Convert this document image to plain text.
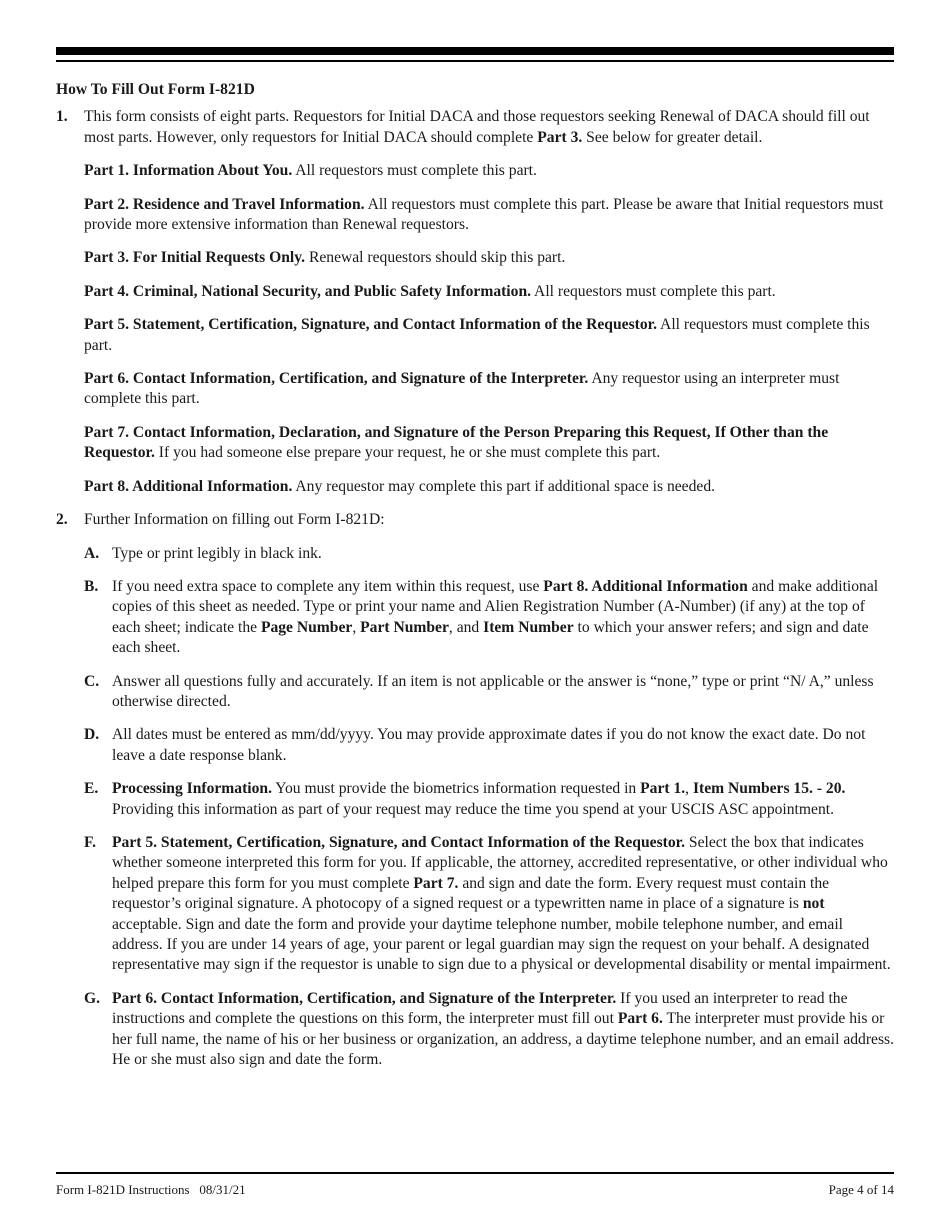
How To Fill Out Form I-821D
1.	This form consists of eight parts. Requestors for Initial DACA and those requestors seeking Renewal of DACA should fill out most parts. However, only requestors for Initial DACA should complete Part 3. See below for greater detail.
Part 1. Information About You. All requestors must complete this part.
Part 2. Residence and Travel Information. All requestors must complete this part. Please be aware that Initial requestors must provide more extensive information than Renewal requestors.
Part 3. For Initial Requests Only. Renewal requestors should skip this part.
Part 4. Criminal, National Security, and Public Safety Information. All requestors must complete this part.
Part 5. Statement, Certification, Signature, and Contact Information of the Requestor. All requestors must complete this part.
Part 6. Contact Information, Certification, and Signature of the Interpreter. Any requestor using an interpreter must complete this part.
Part 7. Contact Information, Declaration, and Signature of the Person Preparing this Request, If Other than the Requestor. If you had someone else prepare your request, he or she must complete this part.
Part 8. Additional Information. Any requestor may complete this part if additional space is needed.
2.	Further Information on filling out Form I-821D:
A. Type or print legibly in black ink.
B. If you need extra space to complete any item within this request, use Part 8. Additional Information and make additional copies of this sheet as needed. Type or print your name and Alien Registration Number (A-Number) (if any) at the top of each sheet; indicate the Page Number, Part Number, and Item Number to which your answer refers; and sign and date each sheet.
C. Answer all questions fully and accurately. If an item is not applicable or the answer is “none,” type or print “N/ A,” unless otherwise directed.
D. All dates must be entered as mm/dd/yyyy. You may provide approximate dates if you do not know the exact date. Do not leave a date response blank.
E. Processing Information. You must provide the biometrics information requested in Part 1., Item Numbers 15. - 20. Providing this information as part of your request may reduce the time you spend at your USCIS ASC appointment.
F.	Part 5. Statement, Certification, Signature, and Contact Information of the Requestor. Select the box that indicates whether someone interpreted this form for you. If applicable, the attorney, accredited representative, or other individual who helped prepare this form for you must complete Part 7. and sign and date the form. Every request must contain the requestor’s original signature. A photocopy of a signed request or a typewritten name in place of a signature is not acceptable. Sign and date the form and provide your daytime telephone number, mobile telephone number, and email address. If you are under 14 years of age, your parent or legal guardian may sign the request on your behalf. A designated representative may sign if the requestor is unable to sign due to a physical or developmental disability or mental impairment.
G. Part 6. Contact Information, Certification, and Signature of the Interpreter. If you used an interpreter to read the instructions and complete the questions on this form, the interpreter must fill out Part 6. The interpreter must provide his or her full name, the name of his or her business or organization, an address, a daytime telephone number, and an email address. He or she must also sign and date the form.
Form I-821D Instructions   08/31/21	Page 4 of 14
